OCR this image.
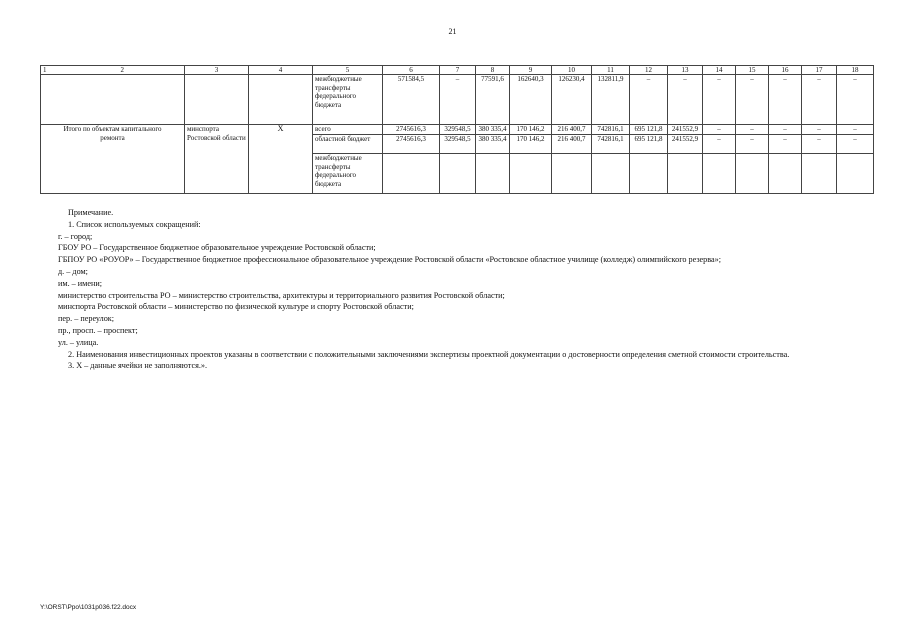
21
1	2	3	4	5	6	7	8	9	10	11	12	13	14	15	16	17	18
				межбюджетные трансферты федерального бюджета	571584,5	–	77591,6	162640,3	126230,4	132811,9	–	–	–	–	–	–	–
Итого по объектам капитального ремонта		минспорта Ростовской области	X	всего	2745616,3	329548,5	380 335,4	170 146,2	216 400,7	742816,1	695 121,8	241552,9	–	–	–	–	–
				областной бюджет	2745616,3	329548,5	380 335,4	170 146,2	216 400,7	742816,1	695 121,8	241552,9	–	–	–	–	–
				межбюджетные трансферты федерального бюджета													

Примечание.

1. Список используемых сокращений:

г. – город;

ГБОУ РО – Государственное бюджетное образовательное учреждение Ростовской области;

ГБПОУ РО «РОУОР» – Государственное бюджетное профессиональное образовательное учреждение Ростовской области «Ростовское областное училище (колледж) олимпийского резерва»;

д. – дом;

им. – имени;

министерство строительства РО – министерство строительства, архитектуры и территориального развития Ростовской области;

минспорта Ростовской области – министерство по физической культуре и спорту Ростовской области;

пер. – переулок;

пр., просп. – проспект;

ул. – улица.

2. Наименования инвестиционных проектов указаны в соответствии с положительными заключениями экспертизы проектной документации о достоверности определения сметной стоимости строительства.

3. X – данные ячейки не заполняются.».

Y:\ORST\Ppo\1031p036.f22.docx
